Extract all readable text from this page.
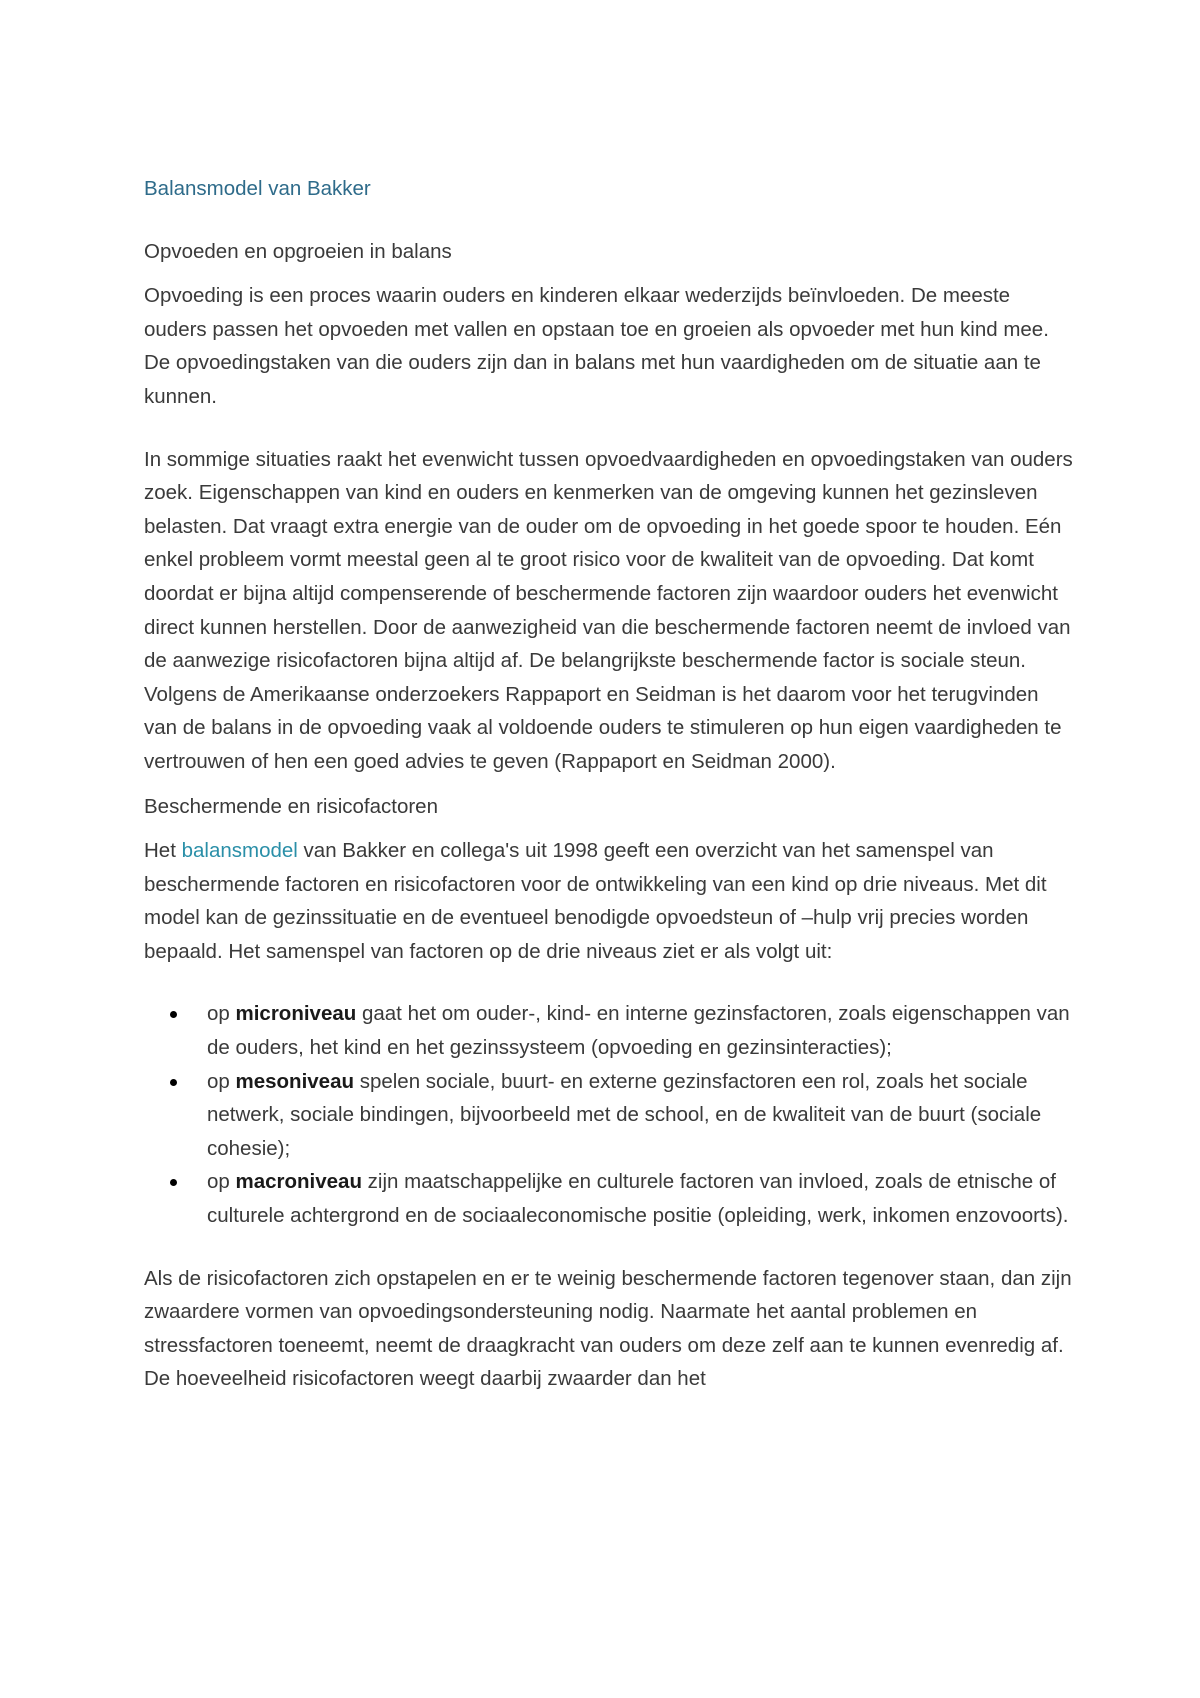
Balansmodel van Bakker

Opvoeden en opgroeien in balans

Opvoeding is een proces waarin ouders en kinderen elkaar wederzijds beïnvloeden. De meeste ouders passen het opvoeden met vallen en opstaan toe en groeien als opvoeder met hun kind mee. De opvoedingstaken van die ouders zijn dan in balans met hun vaardigheden om de situatie aan te kunnen.

In sommige situaties raakt het evenwicht tussen opvoedvaardigheden en opvoedingstaken van ouders zoek. Eigenschappen van kind en ouders en kenmerken van de omgeving kunnen het gezinsleven belasten. Dat vraagt extra energie van de ouder om de opvoeding in het goede spoor te houden. Eén enkel probleem vormt meestal geen al te groot risico voor de kwaliteit van de opvoeding. Dat komt doordat er bijna altijd compenserende of beschermende factoren zijn waardoor ouders het evenwicht direct kunnen herstellen. Door de aanwezigheid van die beschermende factoren neemt de invloed van de aanwezige risicofactoren bijna altijd af. De belangrijkste beschermende factor is sociale steun. Volgens de Amerikaanse onderzoekers Rappaport en Seidman is het daarom voor het terugvinden van de balans in de opvoeding vaak al voldoende ouders te stimuleren op hun eigen vaardigheden te vertrouwen of hen een goed advies te geven (Rappaport en Seidman 2000).

Beschermende en risicofactoren

Het balansmodel van Bakker en collega's uit 1998 geeft een overzicht van het samenspel van beschermende factoren en risicofactoren voor de ontwikkeling van een kind op drie niveaus. Met dit model kan de gezinssituatie en de eventueel benodigde opvoedsteun of –hulp vrij precies worden bepaald. Het samenspel van factoren op de drie niveaus ziet er als volgt uit:

op microniveau gaat het om ouder-, kind- en interne gezinsfactoren, zoals eigenschappen van de ouders, het kind en het gezinssysteem (opvoeding en gezinsinteracties);
op mesoniveau spelen sociale, buurt- en externe gezinsfactoren een rol, zoals het sociale netwerk, sociale bindingen, bijvoorbeeld met de school, en de kwaliteit van de buurt (sociale cohesie);
op macroniveau zijn maatschappelijke en culturele factoren van invloed, zoals de etnische of culturele achtergrond en de sociaaleconomische positie (opleiding, werk, inkomen enzovoorts).

Als de risicofactoren zich opstapelen en er te weinig beschermende factoren tegenover staan, dan zijn zwaardere vormen van opvoedingsondersteuning nodig. Naarmate het aantal problemen en stressfactoren toeneemt, neemt de draagkracht van ouders om deze zelf aan te kunnen evenredig af. De hoeveelheid risicofactoren weegt daarbij zwaarder dan het
